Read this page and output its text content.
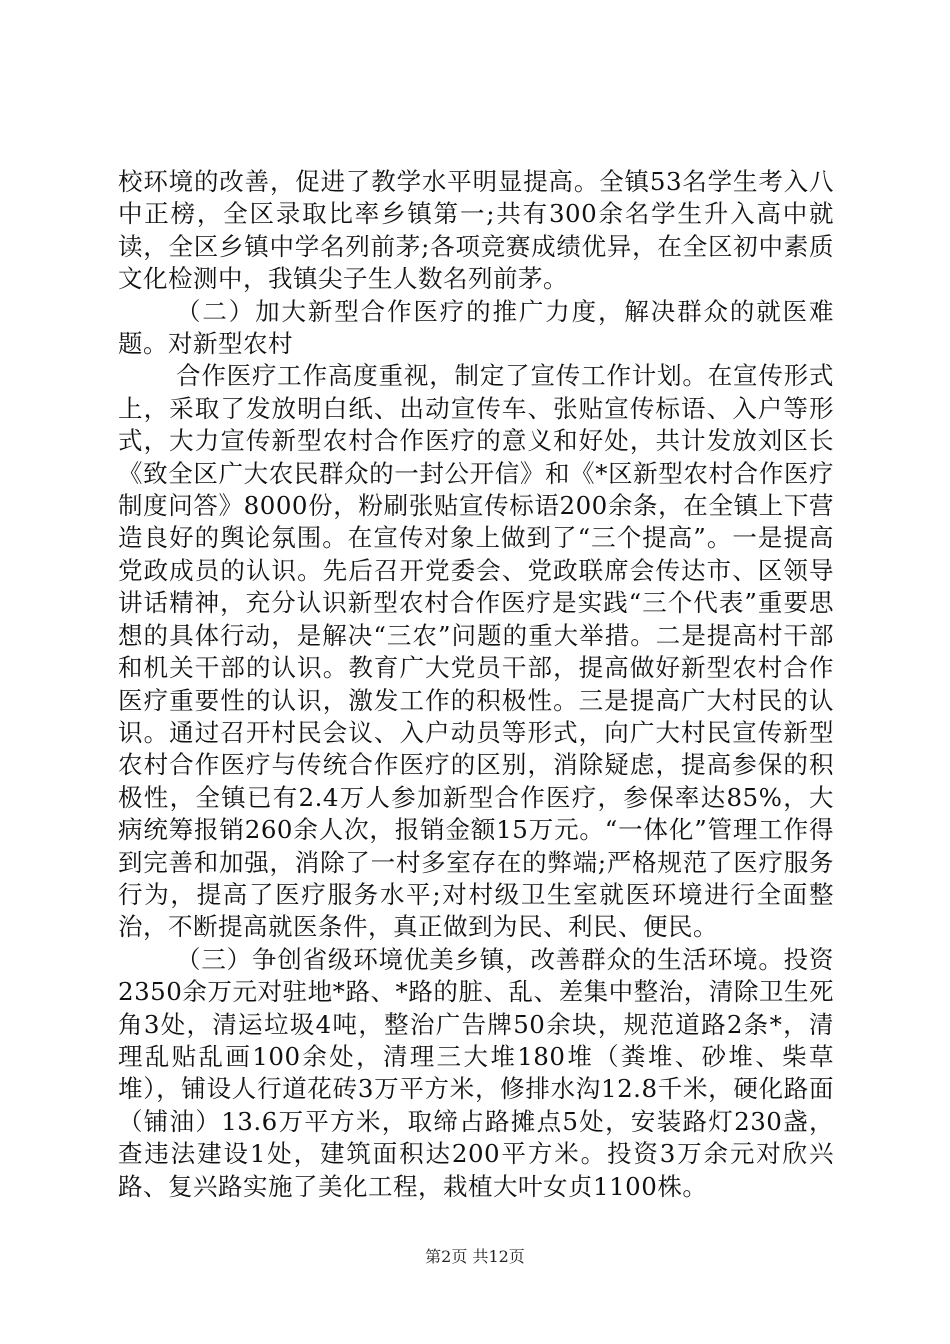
校环境的改善，促进了教学水平明显提高。全镇53名学生考入八中正榜，全区录取比率乡镇第一;共有300余名学生升入高中就读，全区乡镇中学名列前茅;各项竞赛成绩优异，在全区初中素质文化检测中，我镇尖子生人数名列前茅。

（二）加大新型合作医疗的推广力度，解决群众的就医难题。对新型农村

合作医疗工作高度重视，制定了宣传工作计划。在宣传形式上，采取了发放明白纸、出动宣传车、张贴宣传标语、入户等形式，大力宣传新型农村合作医疗的意义和好处，共计发放刘区长《致全区广大农民群众的一封公开信》和《*区新型农村合作医疗制度问答》8000份，粉刷张贴宣传标语200余条，在全镇上下营造良好的舆论氛围。在宣传对象上做到了“三个提高”。一是提高党政成员的认识。先后召开党委会、党政联席会传达市、区领导讲话精神，充分认识新型农村合作医疗是实践“三个代表”重要思想的具体行动，是解决“三农”问题的重大举措。二是提高村干部和机关干部的认识。教育广大党员干部，提高做好新型农村合作医疗重要性的认识，激发工作的积极性。三是提高广大村民的认识。通过召开村民会议、入户动员等形式，向广大村民宣传新型农村合作医疗与传统合作医疗的区别，消除疑虑，提高参保的积极性，全镇已有2.4万人参加新型合作医疗，参保率达85%，大病统筹报销260余人次，报销金额15万元。“一体化”管理工作得到完善和加强，消除了一村多室存在的弊端;严格规范了医疗服务行为，提高了医疗服务水平;对村级卫生室就医环境进行全面整治，不断提高就医条件，真正做到为民、利民、便民。

（三）争创省级环境优美乡镇，改善群众的生活环境。投资2350余万元对驻地*路、*路的脏、乱、差集中整治，清除卫生死角3处，清运垃圾4吨，整治广告牌50余块，规范道路2条*，清理乱贴乱画100余处，清理三大堆180堆（粪堆、砂堆、柴草堆），铺设人行道花砖3万平方米，修排水沟12.8千米，硬化路面（铺油）13.6万平方米，取缔占路摊点5处，安装路灯230盏，查违法建设1处，建筑面积达200平方米。投资3万余元对欣兴路、复兴路实施了美化工程，栽植大叶女贞1100株。

第2页 共12页
